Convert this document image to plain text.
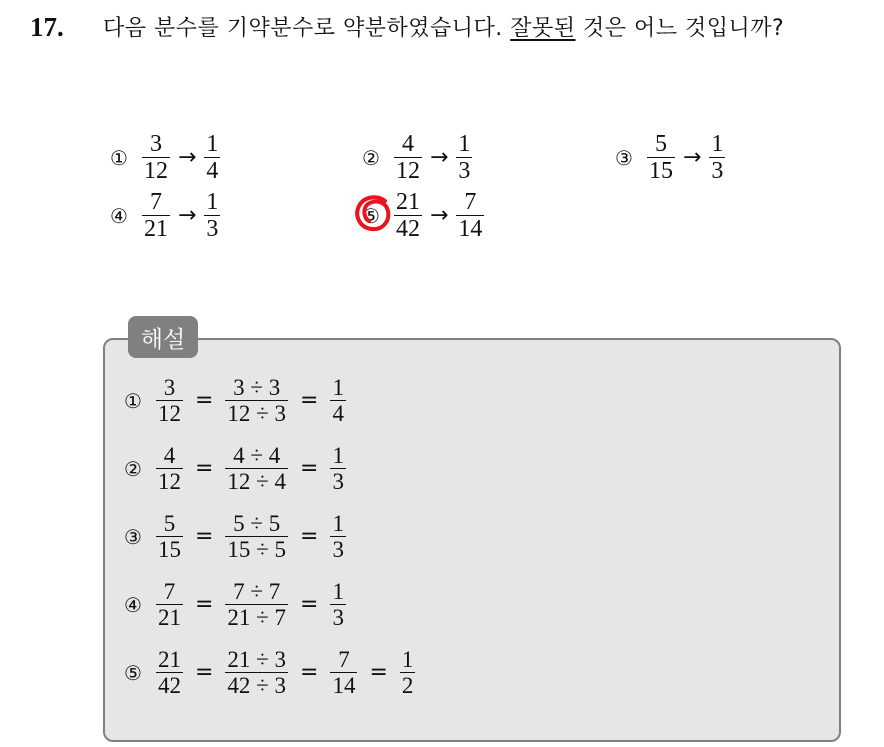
17. 다음 분수를 기약분수로 약분하였습니다. 잘못된 것은 어느 것입니까?
① $\frac{3}{12} \to \frac{1}{4}$	② $\frac{4}{12} \to \frac{1}{3}$	③ $\frac{5}{15} \to \frac{1}{3}$
④ $\frac{7}{21} \to \frac{1}{3}$	⑤ $\frac{21}{42} \to \frac{7}{14}$
해설
① $\frac{3}{12} = \frac{3 \div 3}{12 \div 3} = \frac{1}{4}$
② $\frac{4}{12} = \frac{4 \div 4}{12 \div 4} = \frac{1}{3}$
③ $\frac{5}{15} = \frac{5 \div 5}{15 \div 5} = \frac{1}{3}$
④ $\frac{7}{21} = \frac{7 \div 7}{21 \div 7} = \frac{1}{3}$
⑤ $\frac{21}{42} = \frac{21 \div 3}{42 \div 3} = \frac{7}{14} = \frac{1}{2}$
